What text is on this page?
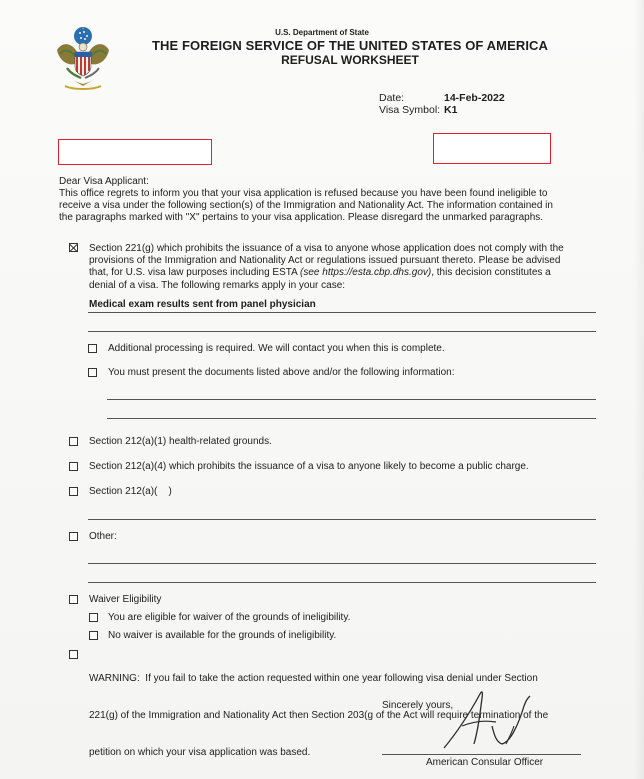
U.S. Department of State
THE FOREIGN SERVICE OF THE UNITED STATES OF AMERICA
REFUSAL WORKSHEET
Date:	14-Feb-2022
Visa Symbol: K1
Dear Visa Applicant:
This office regrets to inform you that your visa application is refused because you have been found ineligible to
receive a visa under the following section(s) of the Immigration and Nationality Act. The information contained in
the paragraphs marked with "X" pertains to your visa application. Please disregard the unmarked paragraphs.
Section 221(g) which prohibits the issuance of a visa to anyone whose application does not comply with the
provisions of the Immigration and Nationality Act or regulations issued pursuant thereto. Please be advised
that, for U.S. visa law purposes including ESTA (see https://esta.cbp.dhs.gov), this decision constitutes a
denial of a visa. The following remarks apply in your case:
Medical exam results sent from panel physician
Additional processing is required. We will contact you when this is complete.
You must present the documents listed above and/or the following information:
Section 212(a)(1) health-related grounds.
Section 212(a)(4) which prohibits the issuance of a visa to anyone likely to become a public charge.
Section 212(a)(    )
Other:
Waiver Eligibility
You are eligible for waiver of the grounds of ineligibility.
No waiver is available for the grounds of ineligibility.

WARNING:  If you fail to take the action requested within one year following visa denial under Section

221(g) of the Immigration and Nationality Act then Section 203(g of the Act will require termination of the

petition on which your visa application was based.

Sincerely yours,
American Consular Officer
